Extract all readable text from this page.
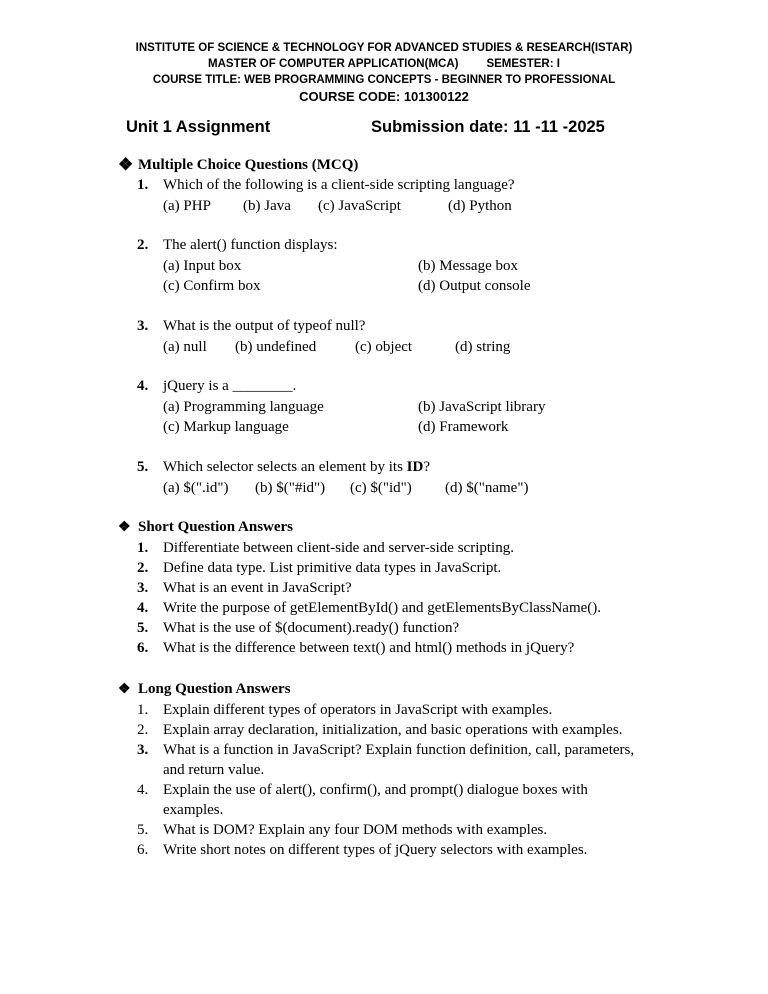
INSTITUTE OF SCIENCE & TECHNOLOGY FOR ADVANCED STUDIES & RESEARCH(ISTAR)
MASTER OF COMPUTER APPLICATION(MCA) SEMESTER: I
COURSE TITLE: WEB PROGRAMMING CONCEPTS - BEGINNER TO PROFESSIONAL
COURSE CODE: 101300122
Unit 1 Assignment	Submission date: 11 -11 -2025
❖ Multiple Choice Questions (MCQ)
1. Which of the following is a client-side scripting language?
(a) PHP (b) Java (c) JavaScript	(d) Python
2. The alert() function displays:
(a) Input box	(b) Message box
(c) Confirm box	(d) Output console
3. What is the output of typeof null?
(a) null (b) undefined	(c) object	(d) string
4. jQuery is a ________.
(a) Programming language	(b) JavaScript library
(c) Markup language	(d) Framework
5. Which selector selects an element by its ID?
(a) $(".id") (b) $("#id") (c) $("id") (d) $("name")
❖ Short Question Answers
1. Differentiate between client-side and server-side scripting.
2. Define data type. List primitive data types in JavaScript.
3. What is an event in JavaScript?
4. Write the purpose of getElementById() and getElementsByClassName().
5. What is the use of $(document).ready() function?
6. What is the difference between text() and html() methods in jQuery?
❖ Long Question Answers
1. Explain different types of operators in JavaScript with examples.
2. Explain array declaration, initialization, and basic operations with examples.
3. What is a function in JavaScript? Explain function definition, call, parameters,
and return value.
4. Explain the use of alert(), confirm(), and prompt() dialogue boxes with
examples.
5. What is DOM? Explain any four DOM methods with examples.
6. Write short notes on different types of jQuery selectors with examples.
